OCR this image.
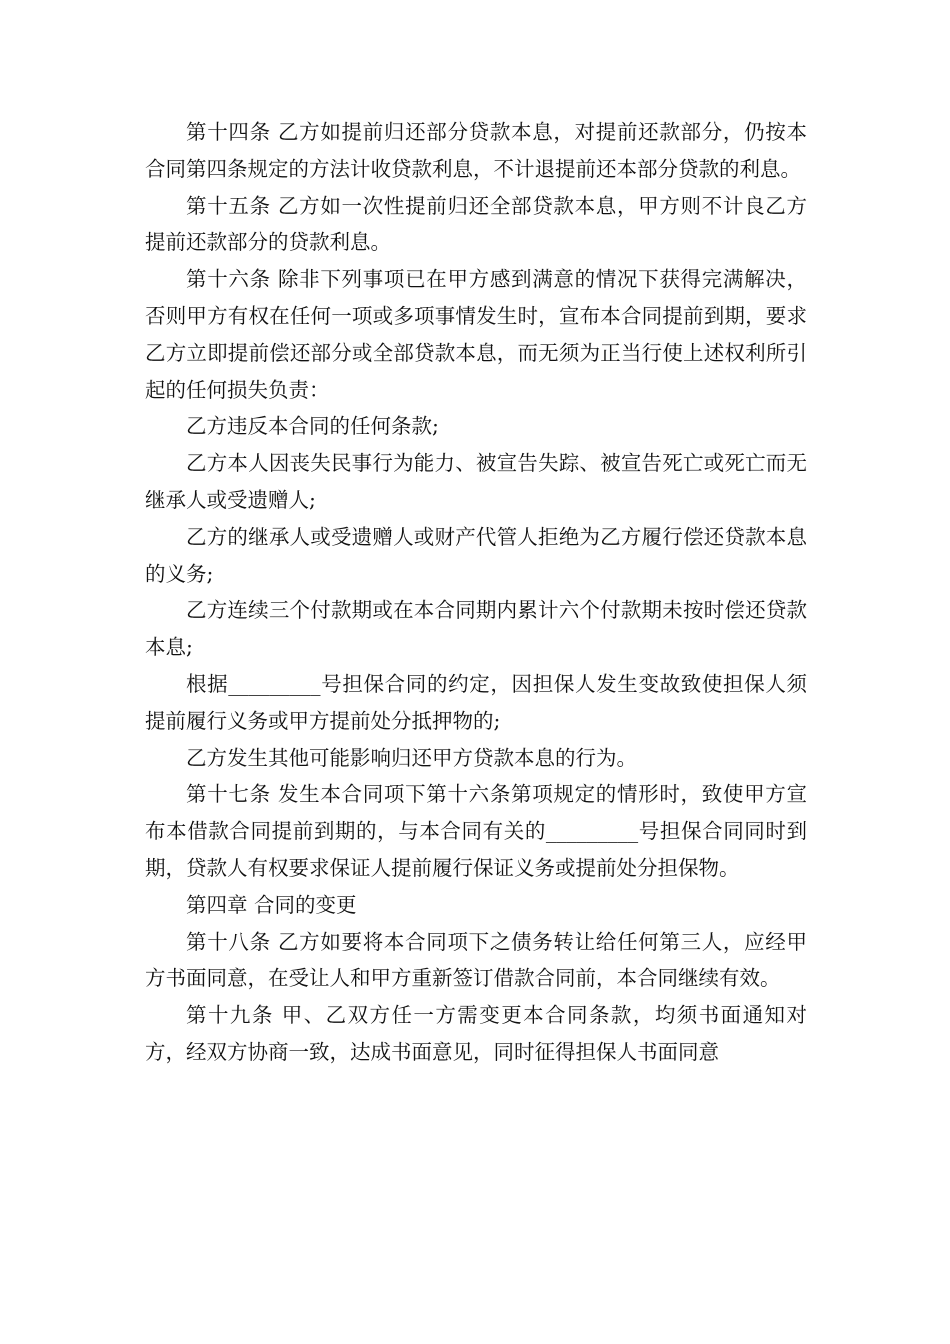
第十四条 乙方如提前归还部分贷款本息，对提前还款部分，仍按本合同第四条规定的方法计收贷款利息，不计退提前还本部分贷款的利息。

第十五条 乙方如一次性提前归还全部贷款本息，甲方则不计良乙方提前还款部分的贷款利息。

第十六条 除非下列事项已在甲方感到满意的情况下获得完满解决，否则甲方有权在任何一项或多项事情发生时，宣布本合同提前到期，要求乙方立即提前偿还部分或全部贷款本息，而无须为正当行使上述权利所引起的任何损失负责：

乙方违反本合同的任何条款;

乙方本人因丧失民事行为能力、被宣告失踪、被宣告死亡或死亡而无继承人或受遗赠人;

乙方的继承人或受遗赠人或财产代管人拒绝为乙方履行偿还贷款本息的义务;

乙方连续三个付款期或在本合同期内累计六个付款期未按时偿还贷款本息;

根据_________号担保合同的约定，因担保人发生变故致使担保人须提前履行义务或甲方提前处分抵押物的;

乙方发生其他可能影响归还甲方贷款本息的行为。

第十七条 发生本合同项下第十六条第项规定的情形时，致使甲方宣布本借款合同提前到期的，与本合同有关的_________号担保合同同时到期，贷款人有权要求保证人提前履行保证义务或提前处分担保物。

第四章 合同的变更

第十八条 乙方如要将本合同项下之债务转让给任何第三人，应经甲方书面同意，在受让人和甲方重新签订借款合同前，本合同继续有效。

第十九条 甲、乙双方任一方需变更本合同条款，均须书面通知对方，经双方协商一致，达成书面意见，同时征得担保人书面同意
